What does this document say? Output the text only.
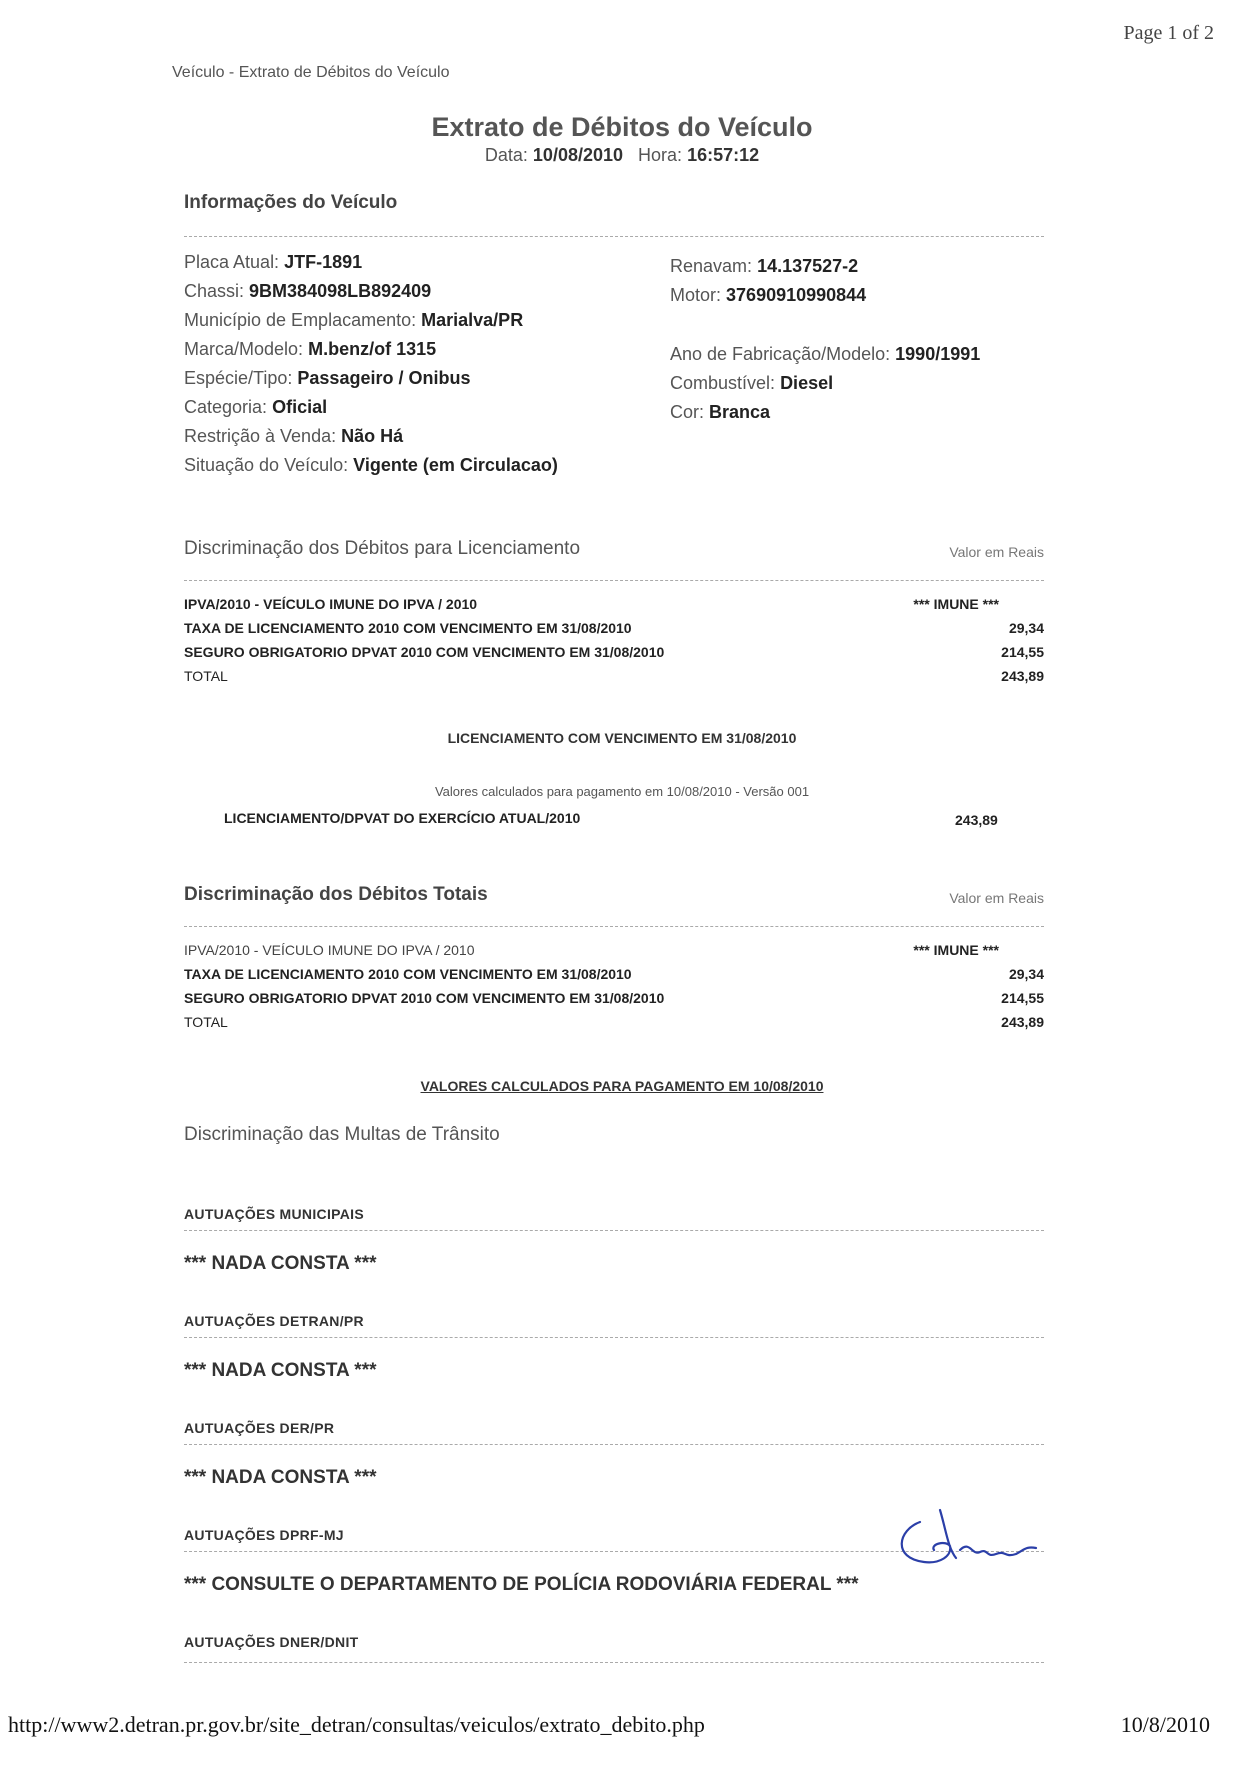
Page 1 of 2
Veículo - Extrato de Débitos do Veículo
Extrato de Débitos do Veículo
Data: 10/08/2010 Hora: 16:57:12
Informações do Veículo
Placa Atual: JTF-1891
Chassi: 9BM384098LB892409
Município de Emplacamento: Marialva/PR
Marca/Modelo: M.benz/of 1315
Espécie/Tipo: Passageiro / Onibus
Categoria: Oficial
Restrição à Venda: Não Há
Situação do Veículo: Vigente (em Circulacao)
Renavam: 14.137527-2
Motor: 37690910990844
Ano de Fabricação/Modelo: 1990/1991
Combustível: Diesel
Cor: Branca
Discriminação dos Débitos para Licenciamento	Valor em Reais
IPVA/2010 - VEÍCULO IMUNE DO IPVA / 2010	*** IMUNE ***
TAXA DE LICENCIAMENTO 2010 COM VENCIMENTO EM 31/08/2010	29,34
SEGURO OBRIGATORIO DPVAT 2010 COM VENCIMENTO EM 31/08/2010	214,55
TOTAL	243,89
LICENCIAMENTO COM VENCIMENTO EM 31/08/2010
Valores calculados para pagamento em 10/08/2010 - Versão 001
LICENCIAMENTO/DPVAT DO EXERCÍCIO ATUAL/2010	243,89
Discriminação dos Débitos Totais	Valor em Reais
IPVA/2010 - VEÍCULO IMUNE DO IPVA / 2010	*** IMUNE ***
TAXA DE LICENCIAMENTO 2010 COM VENCIMENTO EM 31/08/2010	29,34
SEGURO OBRIGATORIO DPVAT 2010 COM VENCIMENTO EM 31/08/2010	214,55
TOTAL	243,89
VALORES CALCULADOS PARA PAGAMENTO EM 10/08/2010
Discriminação das Multas de Trânsito
AUTUAÇÕES MUNICIPAIS
*** NADA CONSTA ***
AUTUAÇÕES DETRAN/PR
*** NADA CONSTA ***
AUTUAÇÕES DER/PR
*** NADA CONSTA ***
AUTUAÇÕES DPRF-MJ
*** CONSULTE O DEPARTAMENTO DE POLÍCIA RODOVIÁRIA FEDERAL ***
AUTUAÇÕES DNER/DNIT
http://www2.detran.pr.gov.br/site_detran/consultas/veiculos/extrato_debito.php	10/8/2010
